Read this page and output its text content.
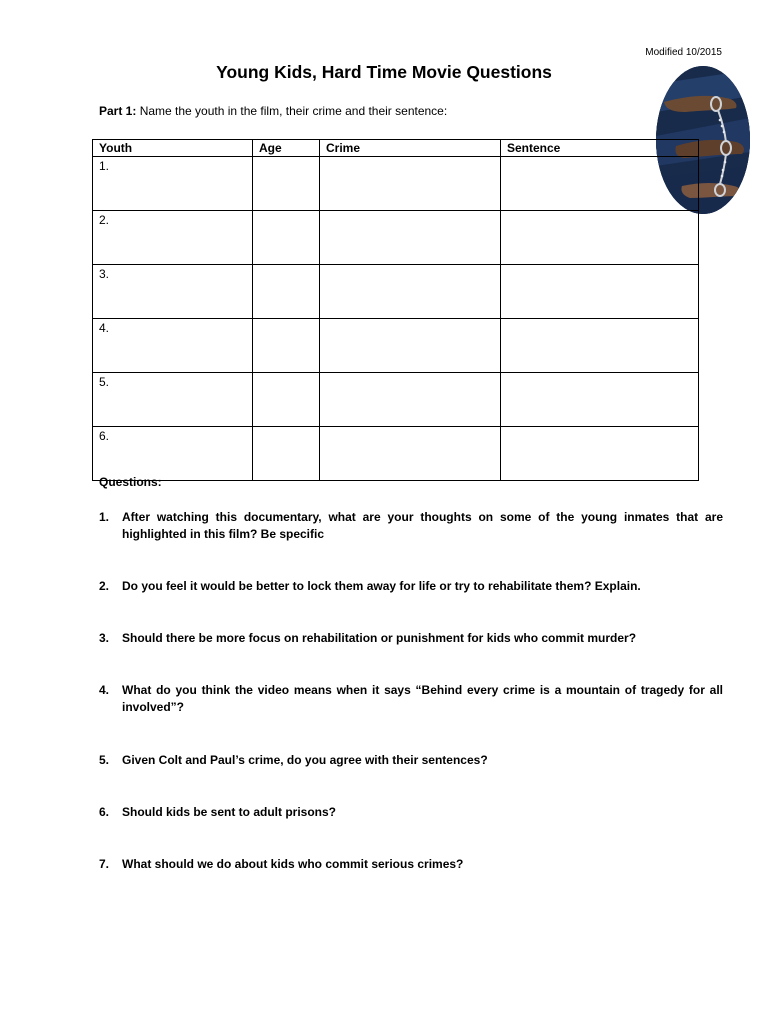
Modified 10/2015
Young Kids, Hard Time Movie Questions
Part 1: Name the youth in the film, their crime and their sentence:
Youth	Age	Crime	Sentence
1.			
2.			
3.			
4.			
5.			
6.			
Questions:
1. After watching this documentary, what are your thoughts on some of the young inmates that are highlighted in this film? Be specific
2. Do you feel it would be better to lock them away for life or try to rehabilitate them? Explain.
3. Should there be more focus on rehabilitation or punishment for kids who commit murder?
4. What do you think the video means when it says “Behind every crime is a mountain of tragedy for all involved”?
5. Given Colt and Paul’s crime, do you agree with their sentences?
6. Should kids be sent to adult prisons?
7. What should we do about kids who commit serious crimes?
